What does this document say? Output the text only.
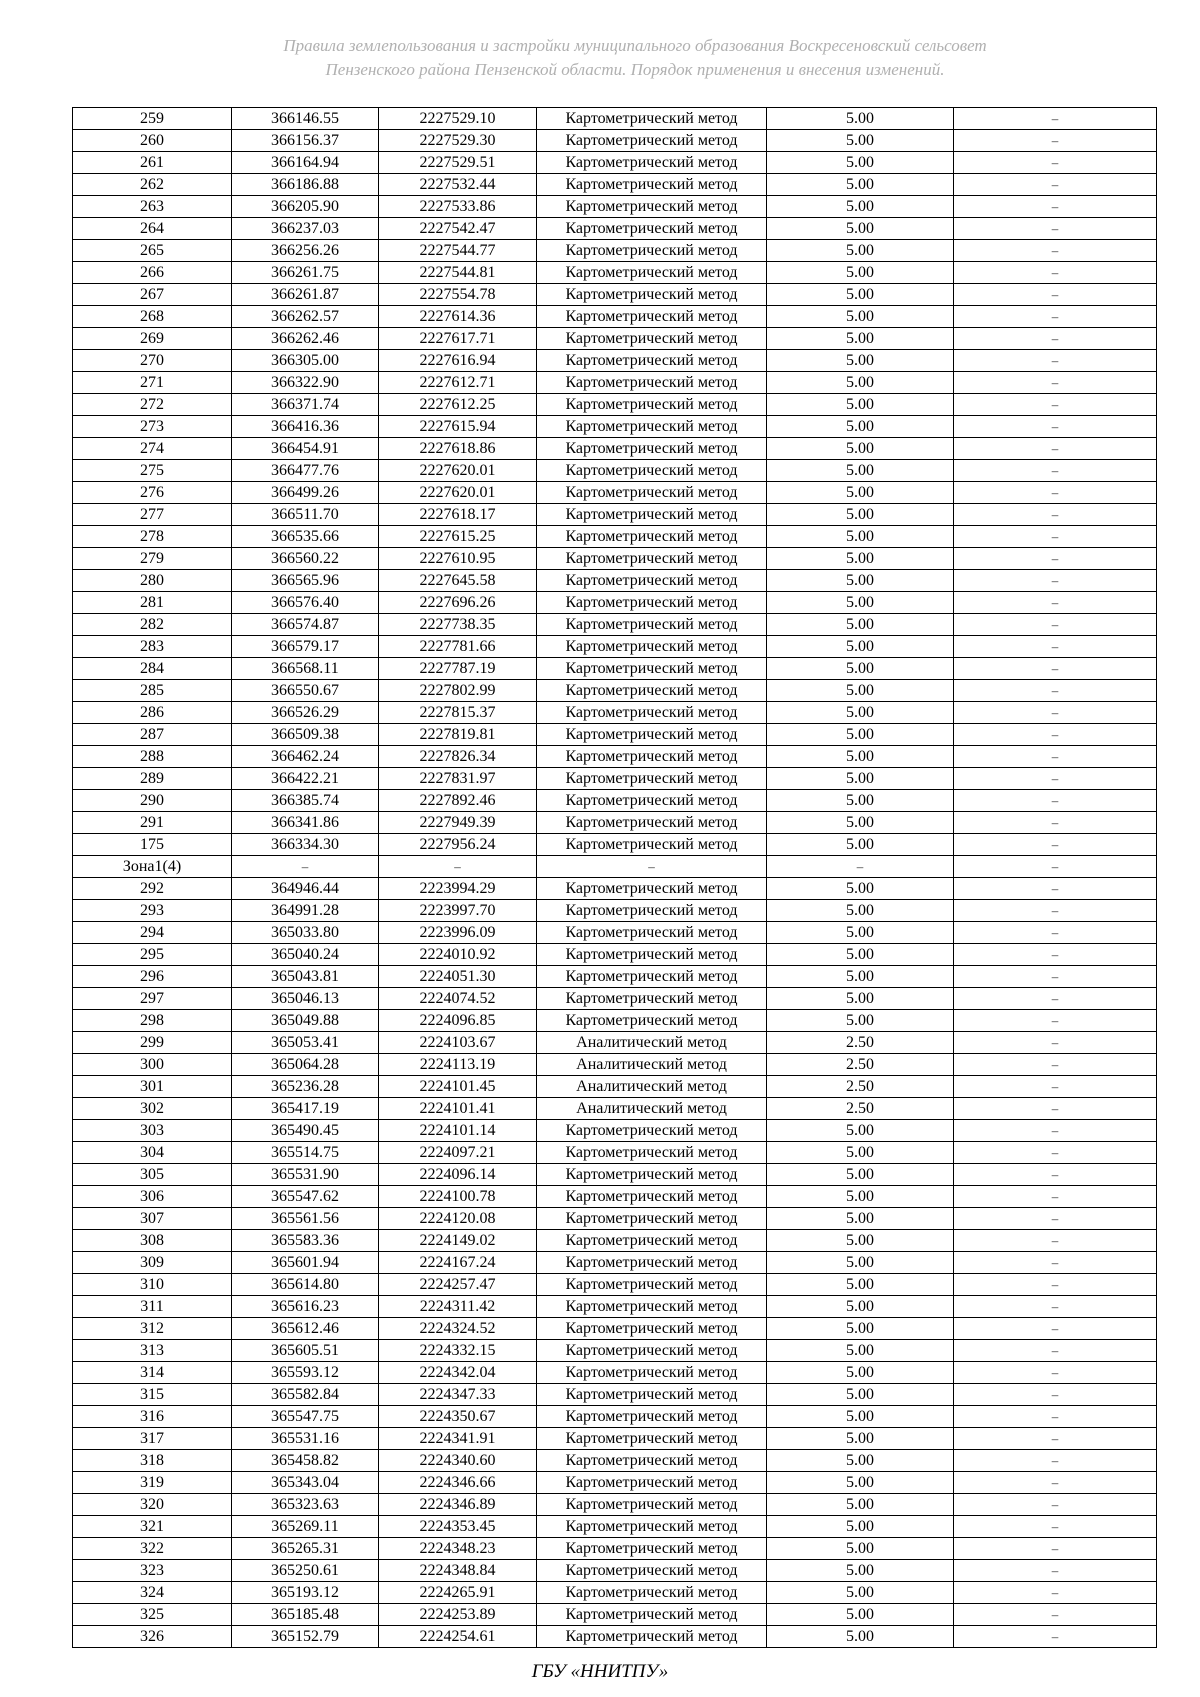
Правила землепользования и застройки муниципального образования Воскресеновский сельсовет
Пензенского района Пензенской области. Порядок применения и внесения изменений.
259	366146.55	2227529.10	Картометрический метод	5.00	–
260	366156.37	2227529.30	Картометрический метод	5.00	–
261	366164.94	2227529.51	Картометрический метод	5.00	–
262	366186.88	2227532.44	Картометрический метод	5.00	–
263	366205.90	2227533.86	Картометрический метод	5.00	–
264	366237.03	2227542.47	Картометрический метод	5.00	–
265	366256.26	2227544.77	Картометрический метод	5.00	–
266	366261.75	2227544.81	Картометрический метод	5.00	–
267	366261.87	2227554.78	Картометрический метод	5.00	–
268	366262.57	2227614.36	Картометрический метод	5.00	–
269	366262.46	2227617.71	Картометрический метод	5.00	–
270	366305.00	2227616.94	Картометрический метод	5.00	–
271	366322.90	2227612.71	Картометрический метод	5.00	–
272	366371.74	2227612.25	Картометрический метод	5.00	–
273	366416.36	2227615.94	Картометрический метод	5.00	–
274	366454.91	2227618.86	Картометрический метод	5.00	–
275	366477.76	2227620.01	Картометрический метод	5.00	–
276	366499.26	2227620.01	Картометрический метод	5.00	–
277	366511.70	2227618.17	Картометрический метод	5.00	–
278	366535.66	2227615.25	Картометрический метод	5.00	–
279	366560.22	2227610.95	Картометрический метод	5.00	–
280	366565.96	2227645.58	Картометрический метод	5.00	–
281	366576.40	2227696.26	Картометрический метод	5.00	–
282	366574.87	2227738.35	Картометрический метод	5.00	–
283	366579.17	2227781.66	Картометрический метод	5.00	–
284	366568.11	2227787.19	Картометрический метод	5.00	–
285	366550.67	2227802.99	Картометрический метод	5.00	–
286	366526.29	2227815.37	Картометрический метод	5.00	–
287	366509.38	2227819.81	Картометрический метод	5.00	–
288	366462.24	2227826.34	Картометрический метод	5.00	–
289	366422.21	2227831.97	Картометрический метод	5.00	–
290	366385.74	2227892.46	Картометрический метод	5.00	–
291	366341.86	2227949.39	Картометрический метод	5.00	–
175	366334.30	2227956.24	Картометрический метод	5.00	–
Зона1(4)	–	–	–	–	–
292	364946.44	2223994.29	Картометрический метод	5.00	–
293	364991.28	2223997.70	Картометрический метод	5.00	–
294	365033.80	2223996.09	Картометрический метод	5.00	–
295	365040.24	2224010.92	Картометрический метод	5.00	–
296	365043.81	2224051.30	Картометрический метод	5.00	–
297	365046.13	2224074.52	Картометрический метод	5.00	–
298	365049.88	2224096.85	Картометрический метод	5.00	–
299	365053.41	2224103.67	Аналитический метод	2.50	–
300	365064.28	2224113.19	Аналитический метод	2.50	–
301	365236.28	2224101.45	Аналитический метод	2.50	–
302	365417.19	2224101.41	Аналитический метод	2.50	–
303	365490.45	2224101.14	Картометрический метод	5.00	–
304	365514.75	2224097.21	Картометрический метод	5.00	–
305	365531.90	2224096.14	Картометрический метод	5.00	–
306	365547.62	2224100.78	Картометрический метод	5.00	–
307	365561.56	2224120.08	Картометрический метод	5.00	–
308	365583.36	2224149.02	Картометрический метод	5.00	–
309	365601.94	2224167.24	Картометрический метод	5.00	–
310	365614.80	2224257.47	Картометрический метод	5.00	–
311	365616.23	2224311.42	Картометрический метод	5.00	–
312	365612.46	2224324.52	Картометрический метод	5.00	–
313	365605.51	2224332.15	Картометрический метод	5.00	–
314	365593.12	2224342.04	Картометрический метод	5.00	–
315	365582.84	2224347.33	Картометрический метод	5.00	–
316	365547.75	2224350.67	Картометрический метод	5.00	–
317	365531.16	2224341.91	Картометрический метод	5.00	–
318	365458.82	2224340.60	Картометрический метод	5.00	–
319	365343.04	2224346.66	Картометрический метод	5.00	–
320	365323.63	2224346.89	Картометрический метод	5.00	–
321	365269.11	2224353.45	Картометрический метод	5.00	–
322	365265.31	2224348.23	Картометрический метод	5.00	–
323	365250.61	2224348.84	Картометрический метод	5.00	–
324	365193.12	2224265.91	Картометрический метод	5.00	–
325	365185.48	2224253.89	Картометрический метод	5.00	–
326	365152.79	2224254.61	Картометрический метод	5.00	–
ГБУ «ННИТПУ»
